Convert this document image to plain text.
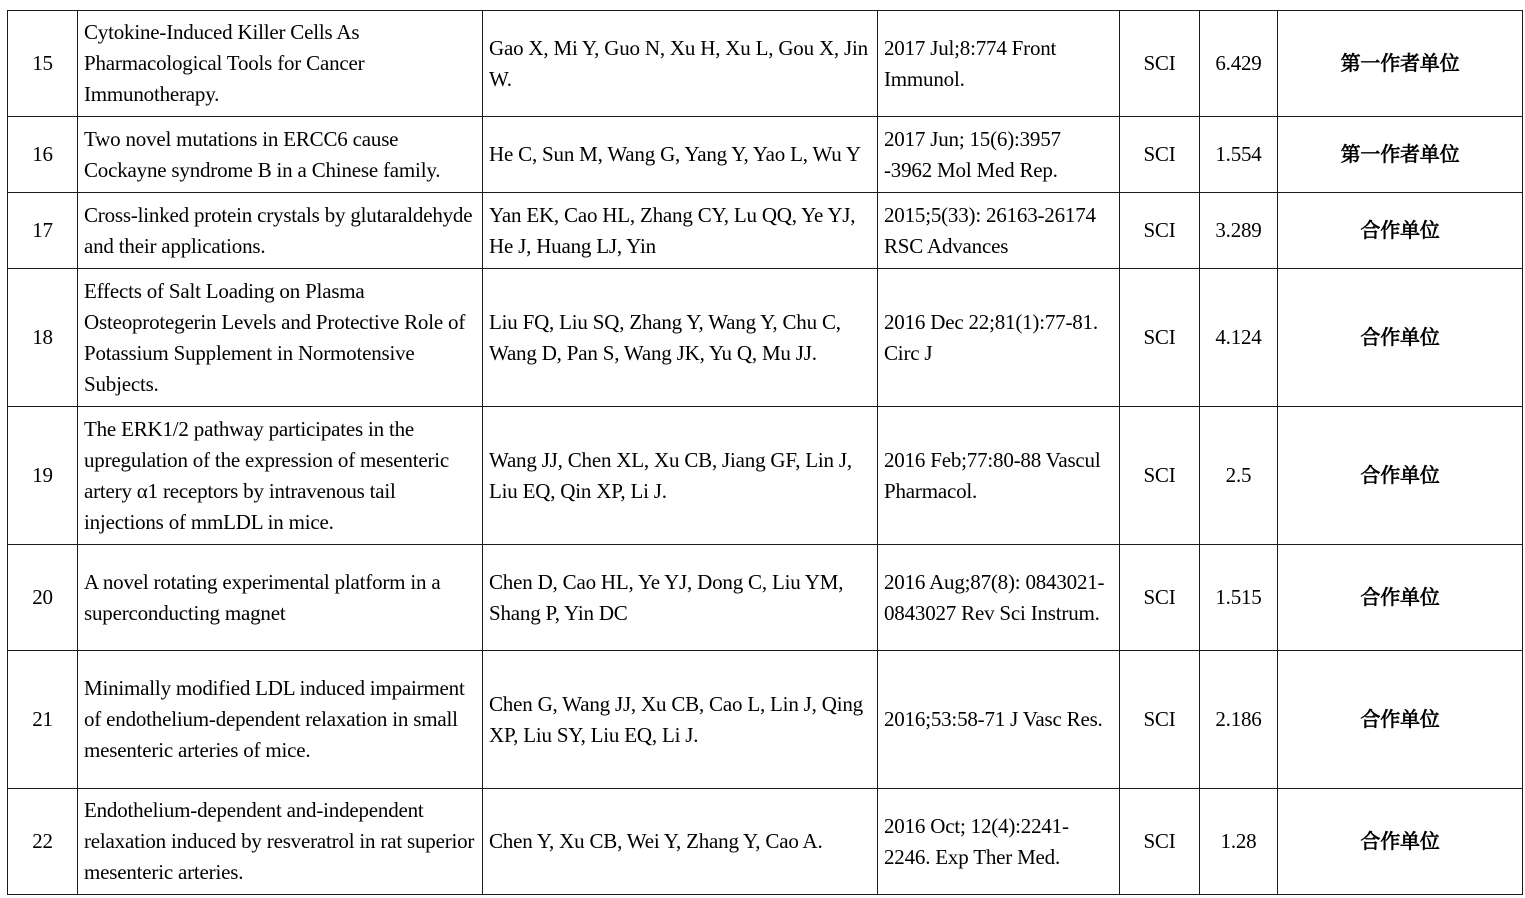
15	Cytokine-Induced Killer Cells As Pharmacological Tools for Cancer Immunotherapy.	Gao X, Mi Y, Guo N, Xu H, Xu L, Gou X, Jin W.	2017 Jul;8:774 Front Immunol.	SCI	6.429	第一作者单位
16	Two novel mutations in ERCC6 cause Cockayne syndrome B in a Chinese family.	He C, Sun M, Wang G, Yang Y, Yao L, Wu Y	2017 Jun; 15(6):3957 -3962 Mol Med Rep.	SCI	1.554	第一作者单位
17	Cross-linked protein crystals by glutaraldehyde and their applications.	Yan EK, Cao HL, Zhang CY, Lu QQ, Ye YJ, He J, Huang LJ, Yin	2015;5(33): 26163-26174 RSC Advances	SCI	3.289	合作单位
18	Effects of Salt Loading on Plasma Osteoprotegerin Levels and Protective Role of Potassium Supplement in Normotensive Subjects.	Liu FQ, Liu SQ, Zhang Y, Wang Y, Chu C, Wang D, Pan S, Wang JK, Yu Q, Mu JJ.	2016 Dec 22;81(1):77-81. Circ J	SCI	4.124	合作单位
19	The ERK1/2 pathway participates in the upregulation of the expression of mesenteric artery α1 receptors by intravenous tail injections of mmLDL in mice.	Wang JJ, Chen XL, Xu CB, Jiang GF, Lin J, Liu EQ, Qin XP, Li J.	2016 Feb;77:80-88 Vascul Pharmacol.	SCI	2.5	合作单位
20	A novel rotating experimental platform in a superconducting magnet	Chen D, Cao HL, Ye YJ, Dong C, Liu YM, Shang P, Yin DC	2016 Aug;87(8): 0843021-0843027 Rev Sci Instrum.	SCI	1.515	合作单位
21	Minimally modified LDL induced impairment of endothelium-dependent relaxation in small mesenteric arteries of mice.	Chen G, Wang JJ, Xu CB, Cao L, Lin J, Qing XP, Liu SY, Liu EQ, Li J.	2016;53:58-71 J Vasc Res.	SCI	2.186	合作单位
22	Endothelium-dependent and-independent relaxation induced by resveratrol in rat superior mesenteric arteries.	Chen Y, Xu CB, Wei Y, Zhang Y, Cao A.	2016 Oct; 12(4):2241-2246. Exp Ther Med.	SCI	1.28	合作单位
